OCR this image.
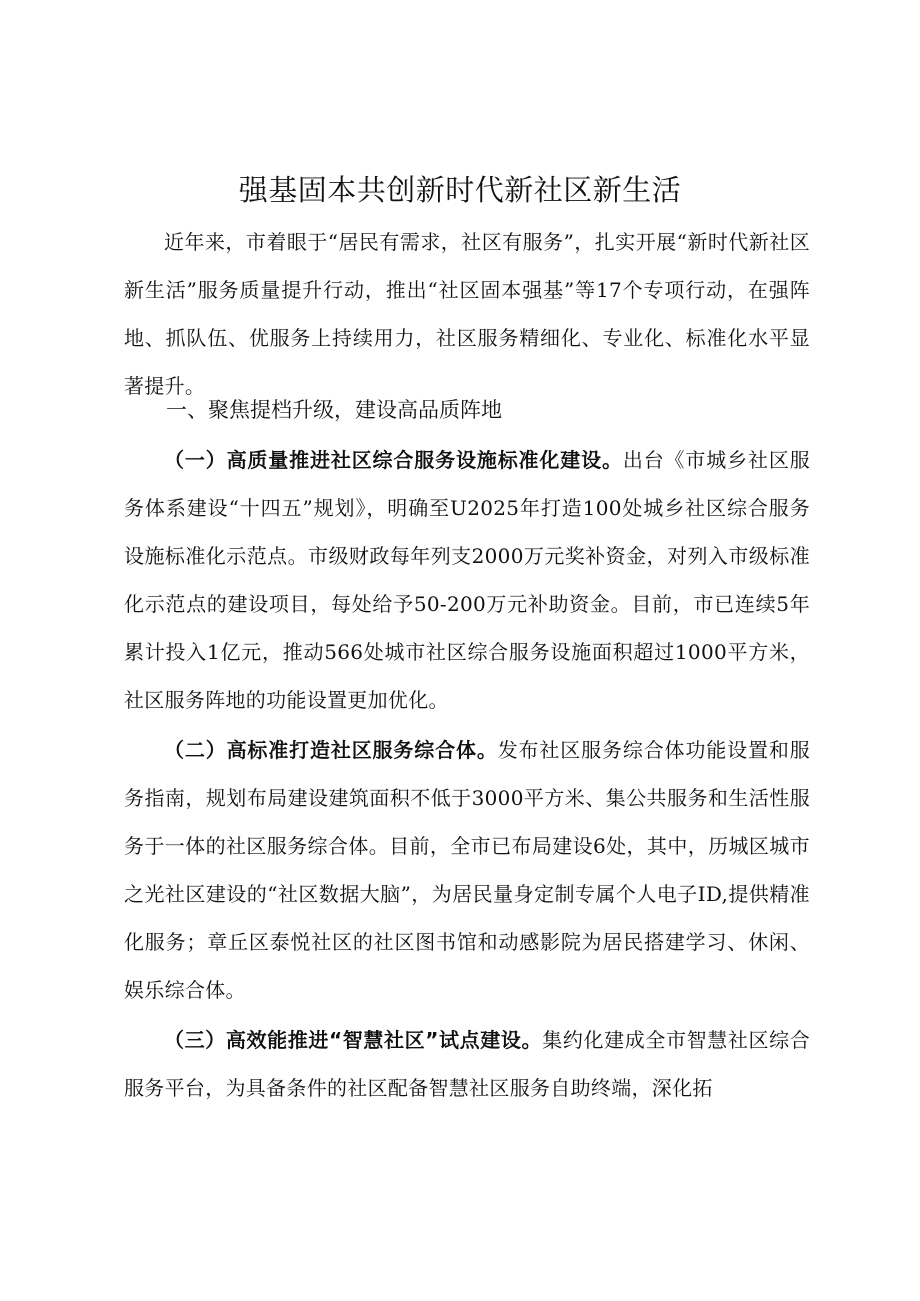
强基固本共创新时代新社区新生活

近年来，市着眼于“居民有需求，社区有服务”，扎实开展“新时代新社区新生活”服务质量提升行动，推出“社区固本强基”等17个专项行动，在强阵地、抓队伍、优服务上持续用力，社区服务精细化、专业化、标准化水平显著提升。

一、聚焦提档升级，建设高品质阵地

（一）高质量推进社区综合服务设施标准化建设。出台《市城乡社区服务体系建设“十四五”规划》，明确至U2025年打造100处城乡社区综合服务设施标准化示范点。市级财政每年列支2000万元奖补资金，对列入市级标准化示范点的建设项目，每处给予50-200万元补助资金。目前，市已连续5年累计投入1亿元，推动566处城市社区综合服务设施面积超过1000平方米，社区服务阵地的功能设置更加优化。

（二）高标准打造社区服务综合体。发布社区服务综合体功能设置和服务指南，规划布局建设建筑面积不低于3000平方米、集公共服务和生活性服务于一体的社区服务综合体。目前，全市已布局建设6处，其中，历城区城市之光社区建设的“社区数据大脑”，为居民量身定制专属个人电子ID,提供精准化服务；章丘区泰悦社区的社区图书馆和动感影院为居民搭建学习、休闲、娱乐综合体。

（三）高效能推进“智慧社区”试点建设。集约化建成全市智慧社区综合服务平台，为具备条件的社区配备智慧社区服务自助终端，深化拓
